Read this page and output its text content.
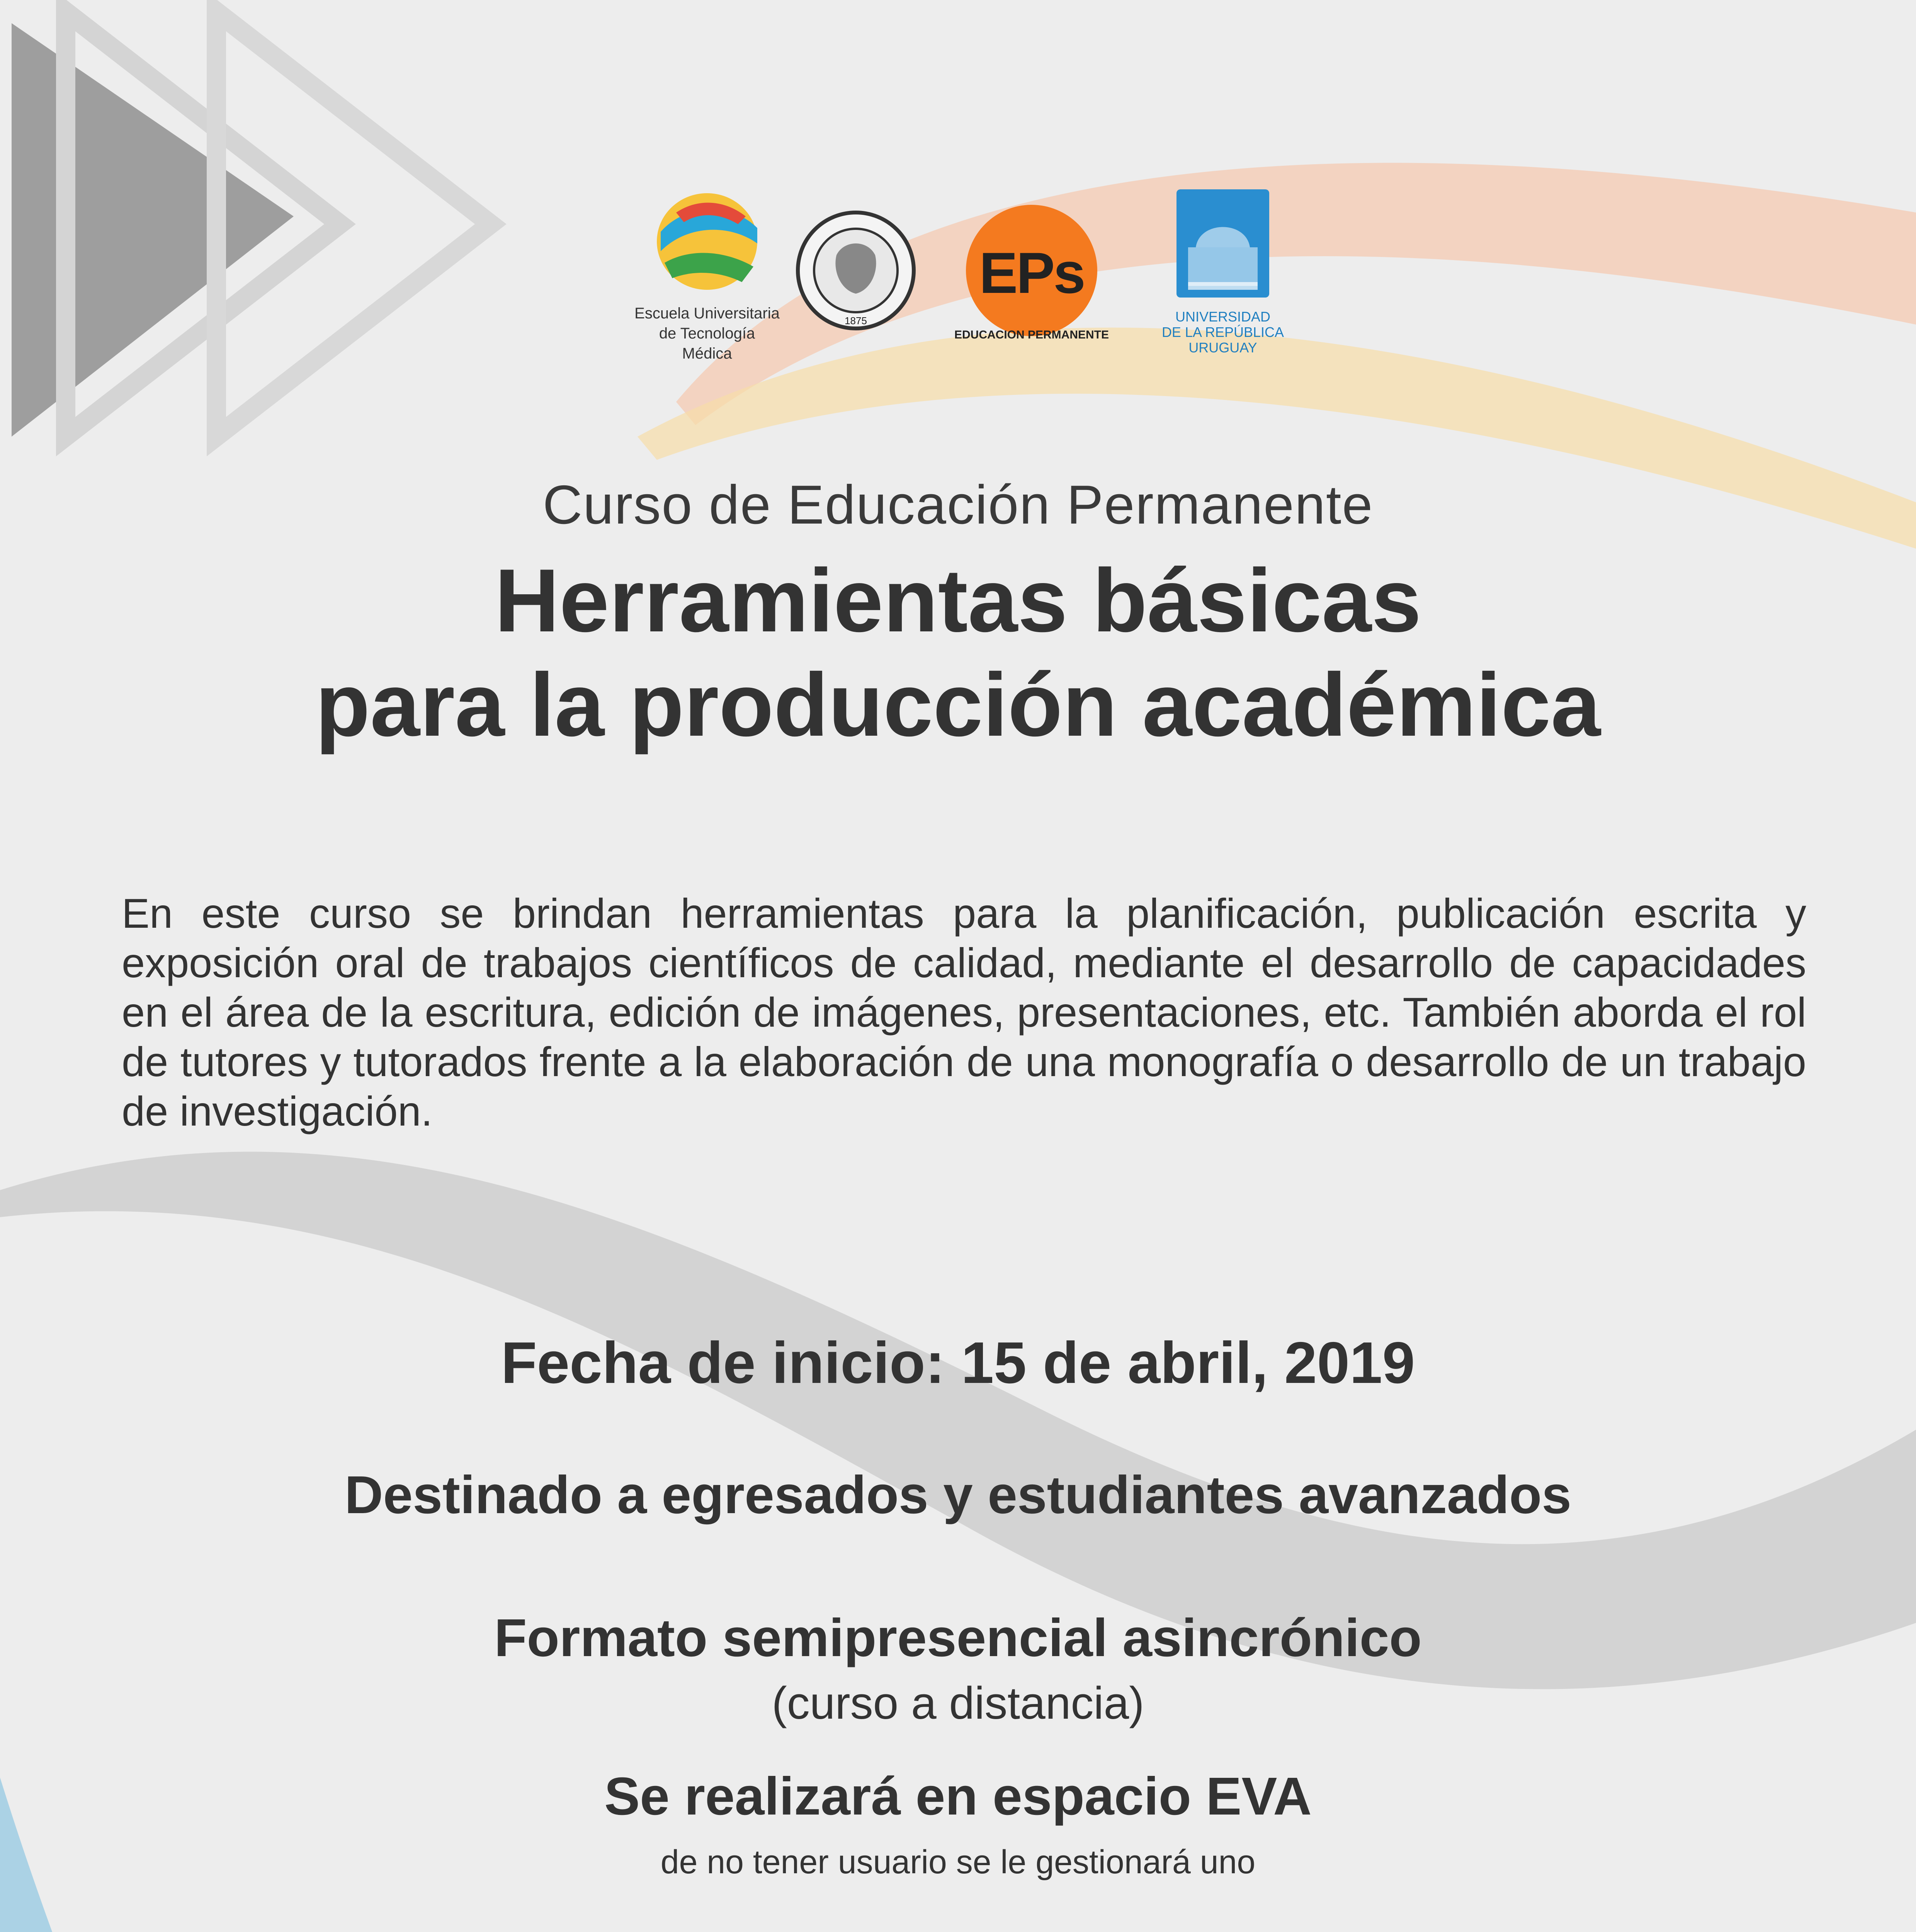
Escuela Universitaria
de Tecnología Médica
1875
EPs
EDUCACION PERMANENTE
UNIVERSIDAD
DE LA REPÚBLICA
URUGUAY
Curso de Educación Permanente
Herramientas básicas
para la producción académica
En este curso se brindan herramientas para la planificación, publicación escrita y exposición oral de trabajos científicos de calidad, mediante el desarrollo de capacidades en el área de la escritura, edición de imágenes, presentaciones, etc. También aborda el rol de tutores y tutorados frente a la elaboración de una monografía o desarrollo de un trabajo de investigación.
Fecha de inicio: 15 de abril, 2019
Destinado a egresados y estudiantes avanzados
Formato semipresencial asincrónico
(curso a distancia)
Se realizará en espacio EVA
de no tener usuario se le gestionará uno
